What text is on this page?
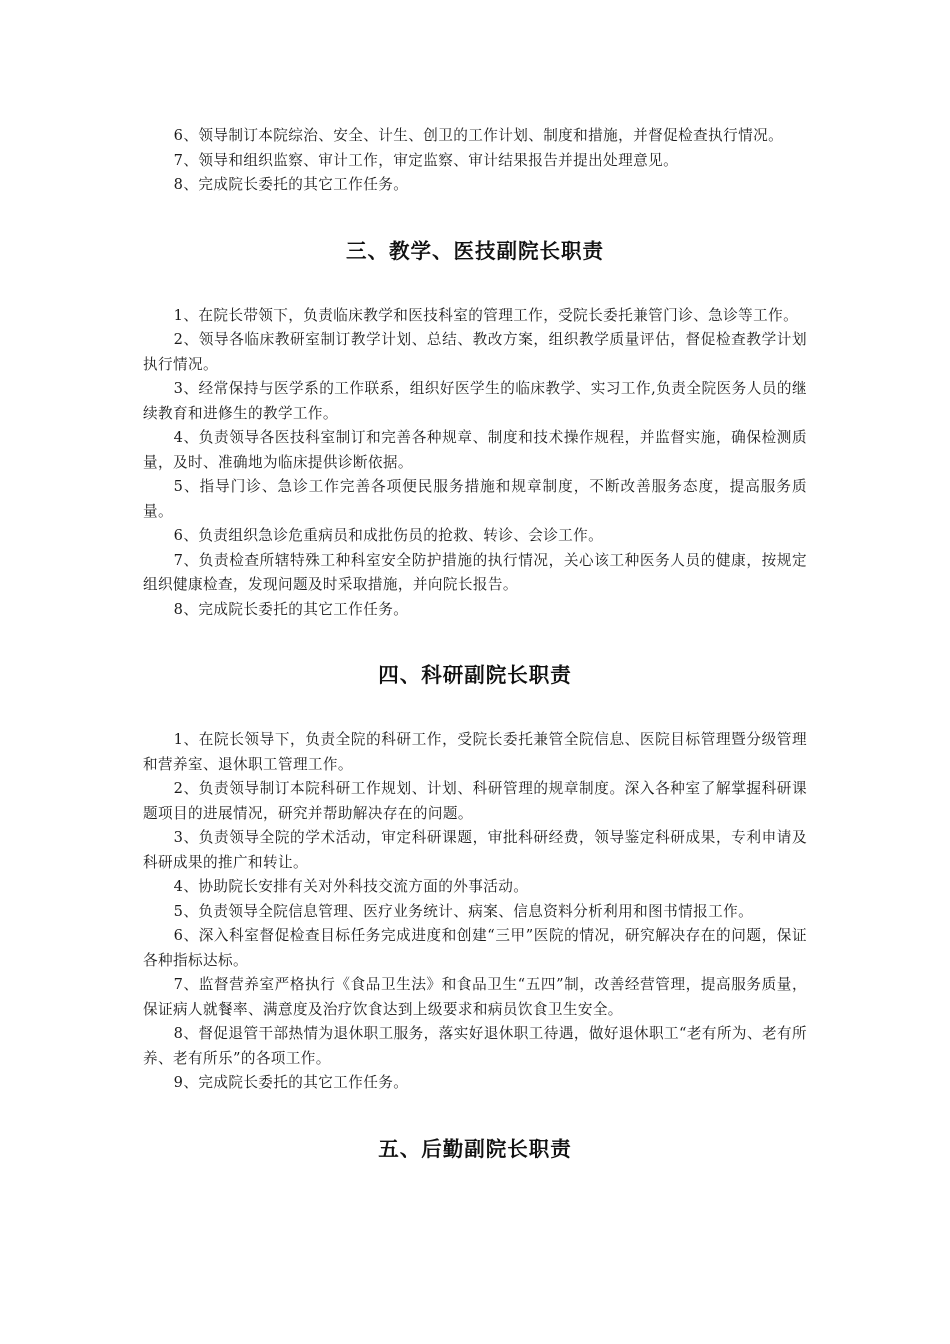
6、领导制订本院综治、安全、计生、创卫的工作计划、制度和措施，并督促检查执行情况。

7、领导和组织监察、审计工作，审定监察、审计结果报告并提出处理意见。

8、完成院长委托的其它工作任务。

三、教学、医技副院长职责

1、在院长带领下，负责临床教学和医技科室的管理工作，受院长委托兼管门诊、急诊等工作。

2、领导各临床教研室制订教学计划、总结、教改方案，组织教学质量评估，督促检查教学计划执行情况。

3、经常保持与医学系的工作联系，组织好医学生的临床教学、实习工作,负责全院医务人员的继续教育和进修生的教学工作。

4、负责领导各医技科室制订和完善各种规章、制度和技术操作规程，并监督实施，确保检测质量，及时、准确地为临床提供诊断依据。

5、指导门诊、急诊工作完善各项便民服务措施和规章制度，不断改善服务态度，提高服务质量。

6、负责组织急诊危重病员和成批伤员的抢救、转诊、会诊工作。

7、负责检查所辖特殊工种科室安全防护措施的执行情况，关心该工种医务人员的健康，按规定组织健康检查，发现问题及时采取措施，并向院长报告。

8、完成院长委托的其它工作任务。

四、科研副院长职责

1、在院长领导下，负责全院的科研工作，受院长委托兼管全院信息、医院目标管理暨分级管理和营养室、退休职工管理工作。

2、负责领导制订本院科研工作规划、计划、科研管理的规章制度。深入各种室了解掌握科研课题项目的进展情况，研究并帮助解决存在的问题。

3、负责领导全院的学术活动，审定科研课题，审批科研经费，领导鉴定科研成果，专利申请及科研成果的推广和转让。

4、协助院长安排有关对外科技交流方面的外事活动。

5、负责领导全院信息管理、医疗业务统计、病案、信息资料分析利用和图书情报工作。

6、深入科室督促检查目标任务完成进度和创建“三甲”医院的情况，研究解决存在的问题，保证各种指标达标。

7、监督营养室严格执行《食品卫生法》和食品卫生“五四”制，改善经营管理，提高服务质量，保证病人就餐率、满意度及治疗饮食达到上级要求和病员饮食卫生安全。

8、督促退管干部热情为退休职工服务，落实好退休职工待遇，做好退休职工“老有所为、老有所养、老有所乐”的各项工作。

9、完成院长委托的其它工作任务。

五、后勤副院长职责
